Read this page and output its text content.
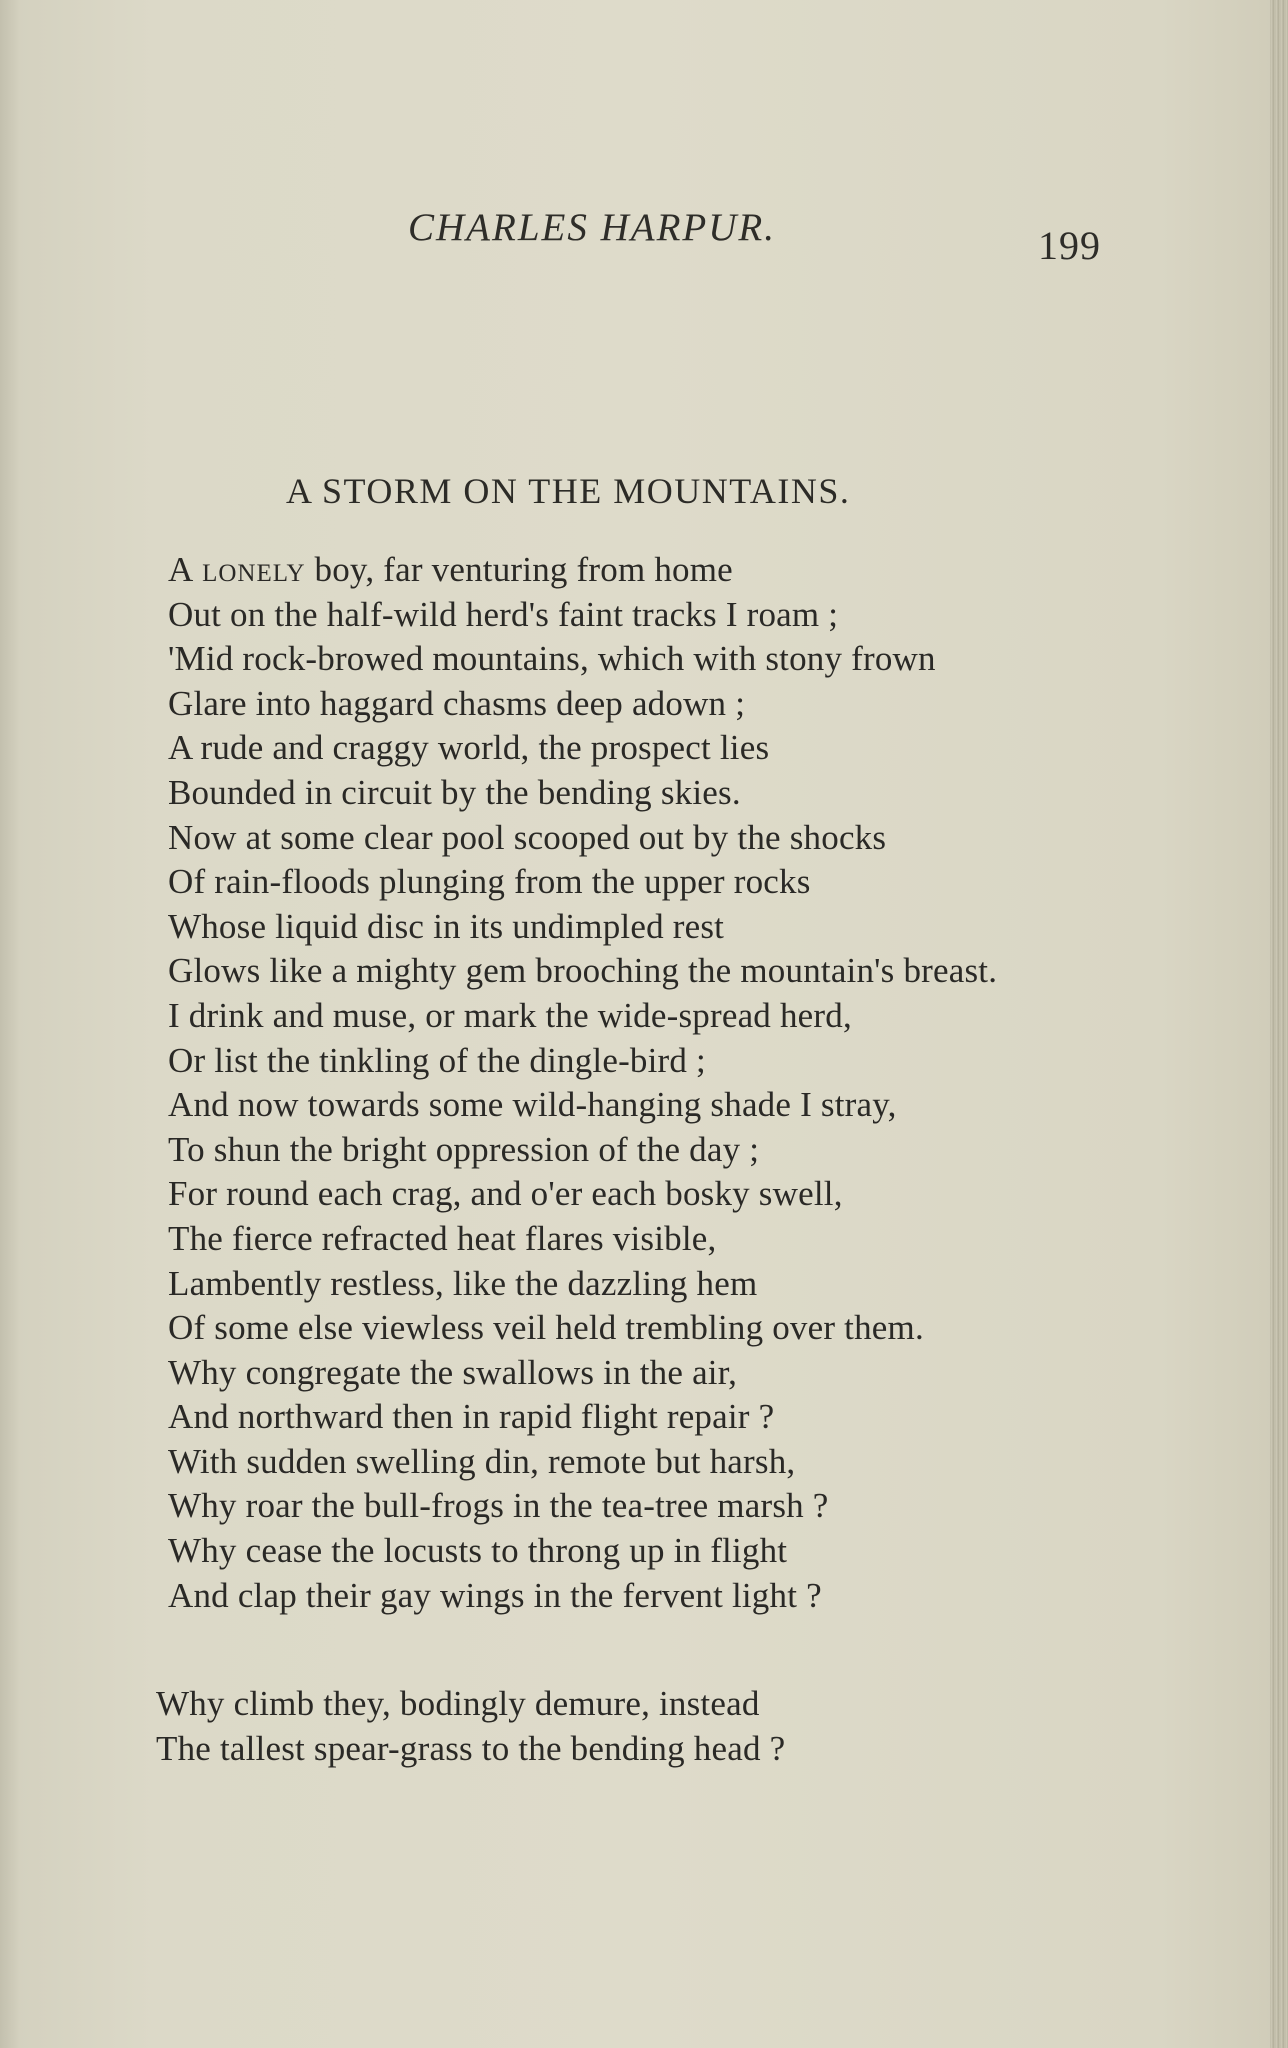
CHARLES HARPUR.	199
A STORM ON THE MOUNTAINS.
A lonely boy, far venturing from home
Out on the half-wild herd's faint tracks I roam ;
'Mid rock-browed mountains, which with stony frown
Glare into haggard chasms deep adown ;
A rude and craggy world, the prospect lies
Bounded in circuit by the bending skies.
Now at some clear pool scooped out by the shocks
Of rain-floods plunging from the upper rocks
Whose liquid disc in its undimpled rest
Glows like a mighty gem brooching the mountain's breast.
I drink and muse, or mark the wide-spread herd,
Or list the tinkling of the dingle-bird ;
And now towards some wild-hanging shade I stray,
To shun the bright oppression of the day ;
For round each crag, and o'er each bosky swell,
The fierce refracted heat flares visible,
Lambently restless, like the dazzling hem
Of some else viewless veil held trembling over them.
Why congregate the swallows in the air,
And northward then in rapid flight repair ?
With sudden swelling din, remote but harsh,
Why roar the bull-frogs in the tea-tree marsh ?
Why cease the locusts to throng up in flight
And clap their gay wings in the fervent light ?
Why climb they, bodingly demure, instead
The tallest spear-grass to the bending head ?
